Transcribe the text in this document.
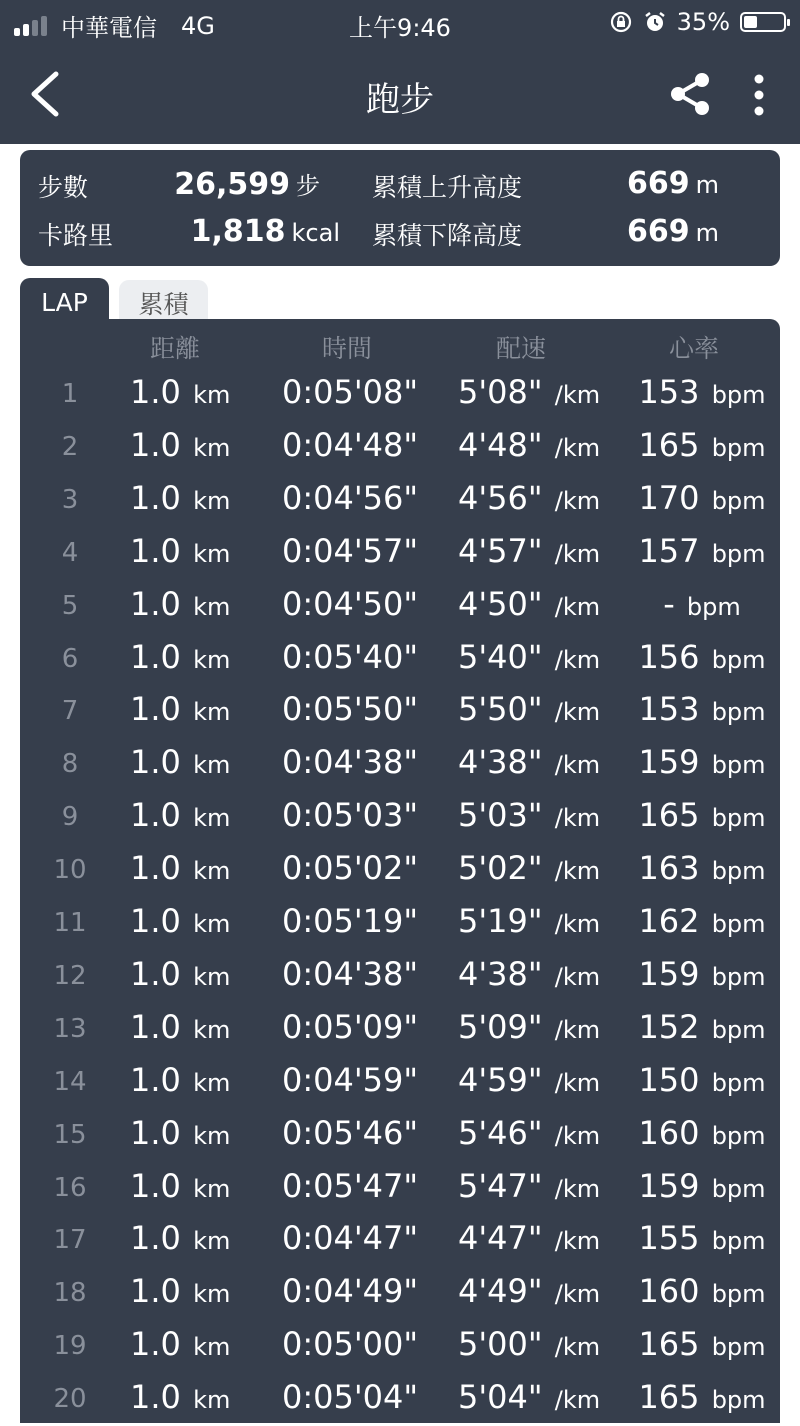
中華電信 4G	上午9:46	35%
跑步
步數	26,599 步
卡路里	1,818 kcal
累積上升高度	669 m
累積下降高度	669 m
LAP	累積
距離	時間	配速	心率
1	1.0 km 0:05'08" 5'08" /km 153 bpm
2	1.0 km 0:04'48" 4'48" /km 165 bpm
3	1.0 km 0:04'56" 4'56" /km 170 bpm
4	1.0 km 0:04'57" 4'57" /km 157 bpm
5	1.0 km 0:04'50" 4'50" /km	- bpm
6	1.0 km 0:05'40" 5'40" /km 156 bpm
7	1.0 km 0:05'50" 5'50" /km 153 bpm
8	1.0 km 0:04'38" 4'38" /km 159 bpm
9	1.0 km 0:05'03" 5'03" /km 165 bpm
10	1.0 km 0:05'02" 5'02" /km 163 bpm
11	1.0 km 0:05'19" 5'19" /km 162 bpm
12	1.0 km 0:04'38" 4'38" /km 159 bpm
13	1.0 km 0:05'09" 5'09" /km 152 bpm
14	1.0 km 0:04'59" 4'59" /km 150 bpm
15	1.0 km 0:05'46" 5'46" /km 160 bpm
16	1.0 km 0:05'47" 5'47" /km 159 bpm
17	1.0 km 0:04'47" 4'47" /km 155 bpm
18	1.0 km 0:04'49" 4'49" /km 160 bpm
19	1.0 km 0:05'00" 5'00" /km 165 bpm
20	1.0 km 0:05'04" 5'04" /km 165 bpm
